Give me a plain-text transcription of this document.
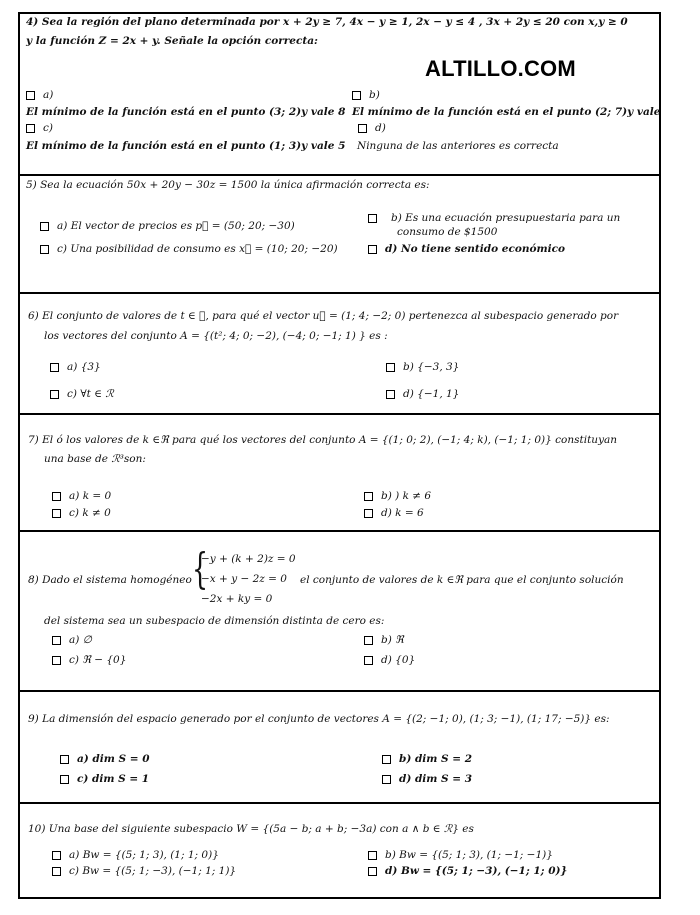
4) Sea la región del plano determinada por x + 2y ≥ 7, 4x − y ≥ 1, 2x − y ≤ 4 , 3x + 2y ≤ 20 con x,y ≥ 0
y la función Z = 2x + y. Señale la opción correcta:
ALTILLO.COM
a)	b)
El mínimo de la función está en el punto (3; 2)y vale 8 El mínimo de la función está en el punto (2; 7)y vale
c)	d)
El mínimo de la función está en el punto (1; 3)y vale 5 Ninguna de las anteriores es correcta
5) Sea la ecuación 50x + 20y − 30z = 1500 la única afirmación correcta es:
a) El vector de precios es p⃗ = (50; 20; −30)
b) Es una ecuación presupuestaria para un
consumo de $1500
c) Una posibilidad de consumo es x⃗ = (10; 20; −20)	d) No tiene sentido económico
6) El conjunto de valores de t ∈ ℛ, para qué el vector u⃗ = (1; 4; −2; 0) pertenezca al subespacio generado por
los vectores del conjunto A = {(t²; 4; 0; −2), (−4; 0; −1; 1) } es :
a) {3}	b) {−3, 3}
c) ∀t ∈ ℛ	d) {−1, 1}
7) El ó los valores de k ∈ℜ para qué los vectores del conjunto A = {(1; 0; 2), (−1; 4; k), (−1; 1; 0)} constituyan
una base de ℛ³son:
a) k = 0	b) ) k ≠ 6
c) k ≠ 0	d) k = 6
8) Dado el sistema homogéneo {
−y + (k + 2)z = 0
−x + y − 2z = 0
−2x + ky = 0
el conjunto de valores de k ∈ℜ para que el conjunto solución
del sistema sea un subespacio de dimensión distinta de cero es:
a) ∅	b) ℜ
c) ℜ − {0}	d) {0}
9) La dimensión del espacio generado por el conjunto de vectores A = {(2; −1; 0), (1; 3; −1), (1; 17; −5)} es:
a) dim S = 0	b) dim S = 2
c) dim S = 1	d) dim S = 3
10) Una base del siguiente subespacio W = {(5a − b; a + b; −3a) con a ∧ b ∈ ℛ} es
a) Bw = {(5; 1; 3), (1; 1; 0)}	b) Bw = {(5; 1; 3), (1; −1; −1)}
c) Bw = {(5; 1; −3), (−1; 1; 1)}	d) Bw = {(5; 1; −3), (−1; 1; 0)}
